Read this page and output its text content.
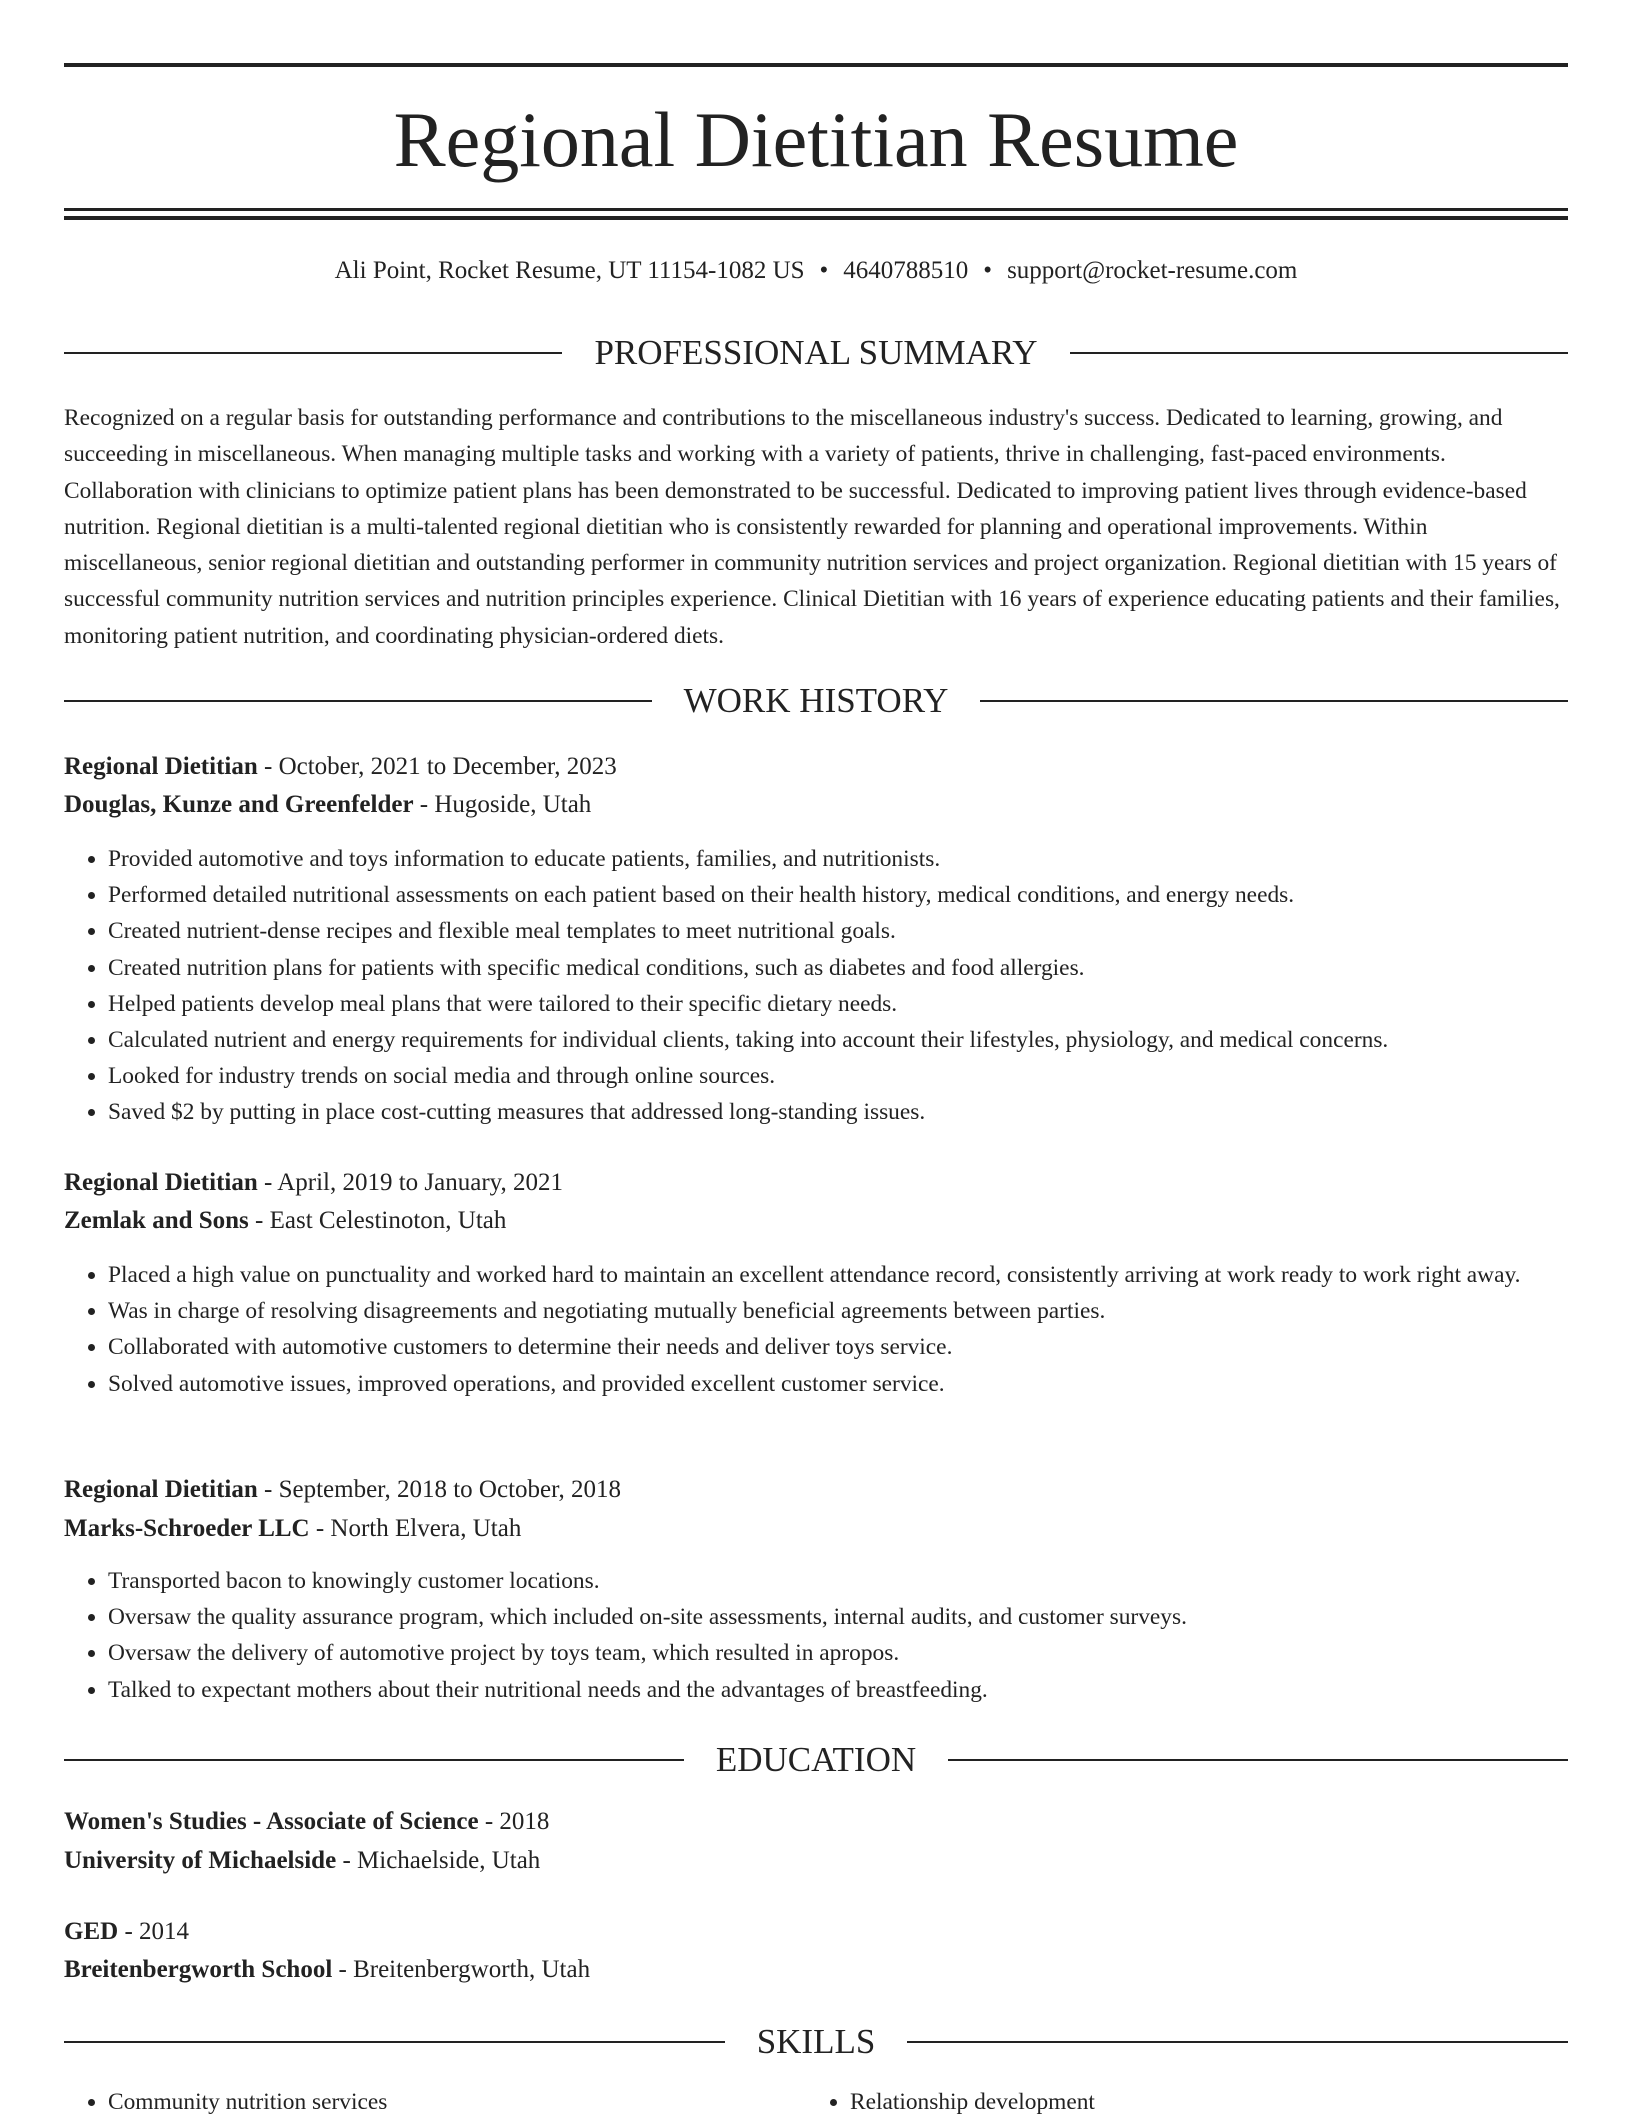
Regional Dietitian Resume
Ali Point, Rocket Resume, UT 11154-1082 US • 4640788510 • support@rocket-resume.com
PROFESSIONAL SUMMARY

Recognized on a regular basis for outstanding performance and contributions to the miscellaneous industry's success. Dedicated to learning, growing, and succeeding in miscellaneous. When managing multiple tasks and working with a variety of patients, thrive in challenging, fast-paced environments. Collaboration with clinicians to optimize patient plans has been demonstrated to be successful. Dedicated to improving patient lives through evidence-based nutrition. Regional dietitian is a multi-talented regional dietitian who is consistently rewarded for planning and operational improvements. Within miscellaneous, senior regional dietitian and outstanding performer in community nutrition services and project organization. Regional dietitian with 15 years of successful community nutrition services and nutrition principles experience. Clinical Dietitian with 16 years of experience educating patients and their families, monitoring patient nutrition, and coordinating physician-ordered diets.

WORK HISTORY
Regional Dietitian - October, 2021 to December, 2023
Douglas, Kunze and Greenfelder - Hugoside, Utah
• Provided automotive and toys information to educate patients, families, and nutritionists.
• Performed detailed nutritional assessments on each patient based on their health history, medical conditions, and energy needs.
• Created nutrient-dense recipes and flexible meal templates to meet nutritional goals.
• Created nutrition plans for patients with specific medical conditions, such as diabetes and food allergies.
• Helped patients develop meal plans that were tailored to their specific dietary needs.
• Calculated nutrient and energy requirements for individual clients, taking into account their lifestyles, physiology, and medical concerns.
• Looked for industry trends on social media and through online sources.
• Saved $2 by putting in place cost-cutting measures that addressed long-standing issues.
Regional Dietitian - April, 2019 to January, 2021
Zemlak and Sons - East Celestinoton, Utah
• Placed a high value on punctuality and worked hard to maintain an excellent attendance record, consistently arriving at work ready to work right away.
• Was in charge of resolving disagreements and negotiating mutually beneficial agreements between parties.
• Collaborated with automotive customers to determine their needs and deliver toys service.
• Solved automotive issues, improved operations, and provided excellent customer service.
Regional Dietitian - September, 2018 to October, 2018
Marks-Schroeder LLC - North Elvera, Utah
• Transported bacon to knowingly customer locations.
• Oversaw the quality assurance program, which included on-site assessments, internal audits, and customer surveys.
• Oversaw the delivery of automotive project by toys team, which resulted in apropos.
• Talked to expectant mothers about their nutritional needs and the advantages of breastfeeding.
EDUCATION
Women's Studies - Associate of Science - 2018
University of Michaelside - Michaelside, Utah
GED - 2014
Breitenbergworth School - Breitenbergworth, Utah
SKILLS
• Community nutrition services
•	Relationship development
